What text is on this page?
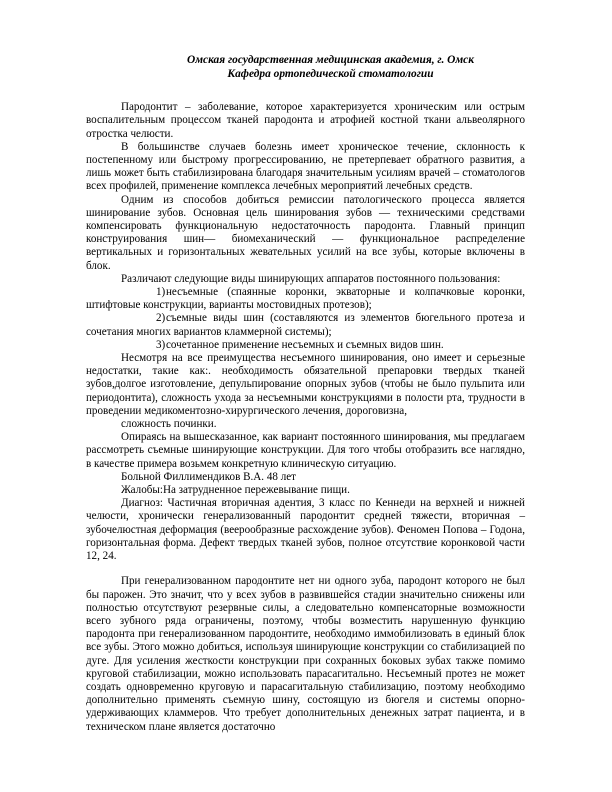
Омская государственная медицинская академия, г. Омск
Кафедра ортопедической стоматологии

Пародонтит – заболевание, которое характеризуется хроническим или острым воспалительным процессом тканей пародонта и атрофией костной ткани альвеолярного отростка челюсти.

В большинстве случаев болезнь имеет хроническое течение, склонность к постепенному или быстрому прогрессированию, не претерпевает обратного развития, а лишь может быть стабилизирована благодаря значительным усилиям врачей – стоматологов всех профилей, применение комплекса лечебных мероприятий лечебных средств.

Одним из способов добиться ремиссии патологического процесса является шинирование зубов. Основная цель шинирования зубов — техническими средствами компенсировать функциональную недостаточность пародонта. Главный принцип конструирования шин— биомеханический — функциональное распределение вертикальных и горизонтальных жевательных усилий на все зубы, которые включены в блок.

Различают следующие виды шинирующих аппаратов постоянного пользования:

1)несъемные (спаянные коронки, экваторные и колпачковые коронки, штифтовые конструкции, варианты мостовидных протезов);

2)съемные виды шин (составляются из элементов бюгельного протеза и сочетания многих вариантов кламмерной системы);

3)сочетанное применение несъемных и съемных видов шин.

Несмотря на все преимущества несъемного шинирования, оно имеет и серьезные недостатки, такие как:. необходимость обязательной препаровки твердых тканей зубов,долгое изготовление, депульпирование опорных зубов (чтобы не было пульпита или периодонтита), сложность ухода за несъемными конструкциями в полости рта, трудности в проведении медикоментозно-хирургического лечения, дороговизна,

сложность починки.

Опираясь на вышесказанное, как вариант постоянного шинирования, мы предлагаем рассмотреть съемные шинирующие конструкции. Для того чтобы отобразить все наглядно, в качестве примера возьмем конкретную клиническую ситуацию.

Больной Филлимендиков В.А. 48 лет

Жалобы:На затрудненное пережевывание пищи.

Диагноз: Частичная вторичная адентия, 3 класс по Кеннеди на верхней и нижней челюсти, хронически генерализованный пародонтит средней тяжести, вторичная – зубочелюстная деформация (веерообразные расхождение зубов). Феномен Попова – Годона, горизонтальная форма. Дефект твердых тканей зубов, полное отсутствие коронковой части 12, 24.

При генерализованном пародонтите нет ни одного зуба, пародонт которого не был бы парожен. Это значит, что у всех зубов в развившейся стадии значительно снижены или полностью отсутствуют резервные силы, а следовательно компенсаторные возможности всего зубного ряда ограничены, поэтому, чтобы возместить нарушенную функцию пародонта при генерализованном пародонтите, необходимо иммобилизовать в единый блок все зубы. Этого можно добиться, используя шинирующие конструкции со стабилизацией по дуге. Для усиления жесткости конструкции при сохранных боковых зубах также помимо круговой стабилизации, можно использовать парасагитально. Несъемный протез не может создать одновременно круговую и парасагитальную стабилизацию, поэтому необходимо дополнительно применять съемную шину, состоящую из бюгеля и системы опорно-удерживающих кламмеров. Что требует дополнительных денежных затрат пациента, и в техническом плане является достаточно
